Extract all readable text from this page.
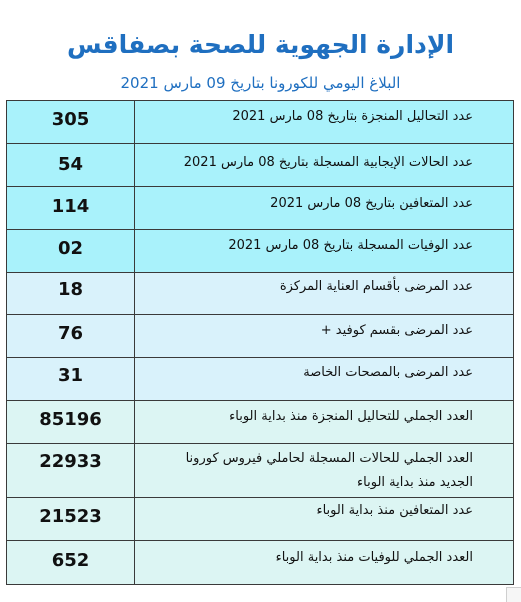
الإدارة الجهوية للصحة بصفاقس
البلاغ اليومي للكورونا بتاريخ 09 مارس 2021
305	عدد التحاليل المنجزة بتاريخ 08 مارس 2021
54	عدد الحالات الإيجابية المسجلة بتاريخ 08 مارس 2021
114	عدد المتعافين بتاريخ 08 مارس 2021
02	عدد الوفيات المسجلة بتاريخ 08 مارس 2021
18	عدد المرضى بأقسام العناية المركزة
76	عدد المرضى بقسم كوفيد +
31	عدد المرضى بالمصحات الخاصة
85196	العدد الجملي للتحاليل المنجزة منذ بداية الوباء
22933	العدد الجملي للحالات المسجلة لحاملي فيروس كورونا الجديد منذ بداية الوباء
21523	عدد المتعافين منذ بداية الوباء
652	العدد الجملي للوفيات منذ بداية الوباء
